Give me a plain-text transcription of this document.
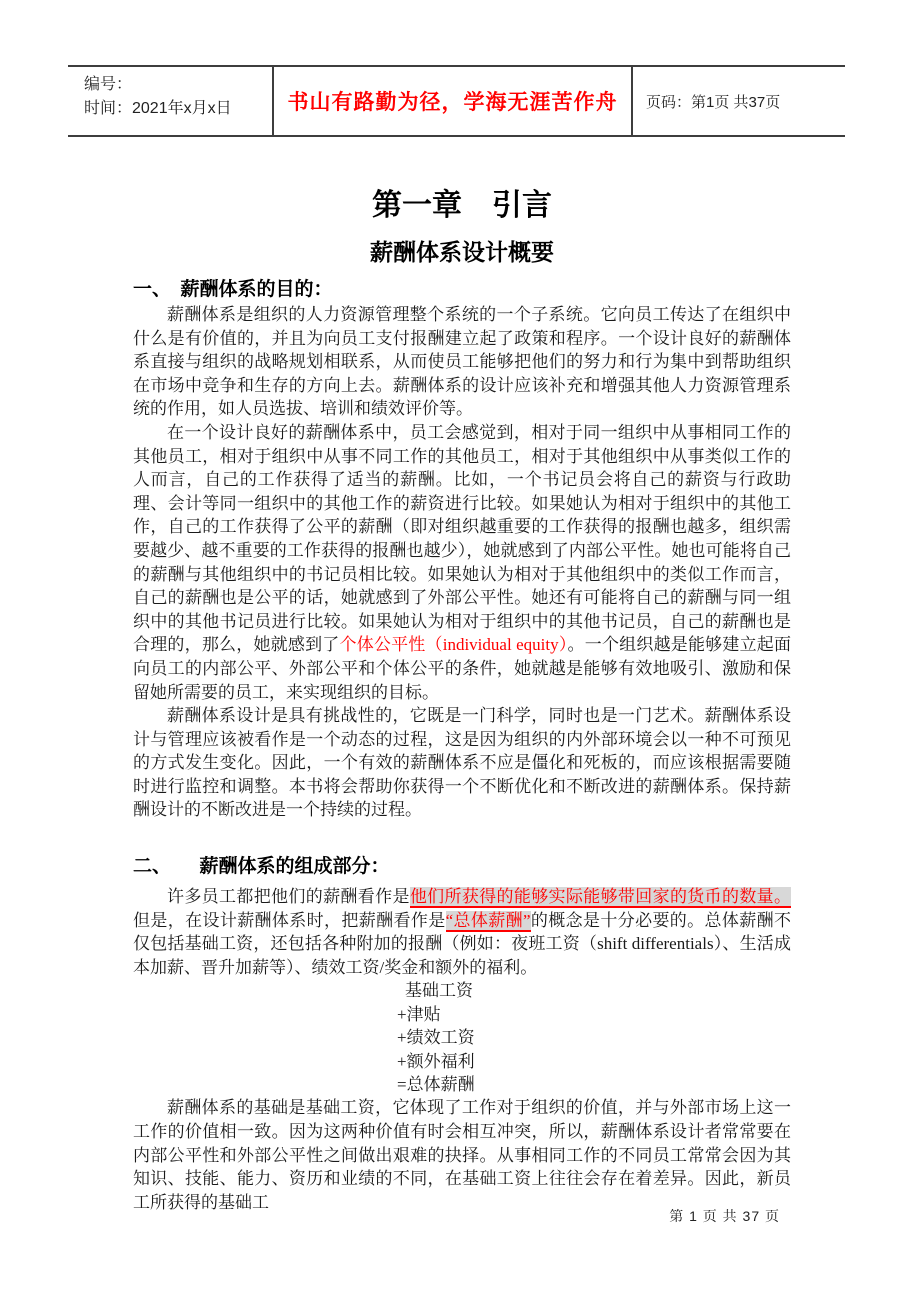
编号：
时间：2021年x月x日	书山有路勤为径，学海无涯苦作舟	页码：第1页 共37页
第一章　引言
薪酬体系设计概要
一、　薪酬体系的目的：

薪酬体系是组织的人力资源管理整个系统的一个子系统。它向员工传达了在组织中什么是有价值的，并且为向员工支付报酬建立起了政策和程序。一个设计良好的薪酬体系直接与组织的战略规划相联系，从而使员工能够把他们的努力和行为集中到帮助组织在市场中竞争和生存的方向上去。薪酬体系的设计应该补充和增强其他人力资源管理系统的作用，如人员选拔、培训和绩效评价等。

在一个设计良好的薪酬体系中，员工会感觉到，相对于同一组织中从事相同工作的其他员工，相对于组织中从事不同工作的其他员工，相对于其他组织中从事类似工作的人而言，自己的工作获得了适当的薪酬。比如，一个书记员会将自己的薪资与行政助理、会计等同一组织中的其他工作的薪资进行比较。如果她认为相对于组织中的其他工作，自己的工作获得了公平的薪酬（即对组织越重要的工作获得的报酬也越多，组织需要越少、越不重要的工作获得的报酬也越少），她就感到了内部公平性。她也可能将自己的薪酬与其他组织中的书记员相比较。如果她认为相对于其他组织中的类似工作而言，自己的薪酬也是公平的话，她就感到了外部公平性。她还有可能将自己的薪酬与同一组织中的其他书记员进行比较。如果她认为相对于组织中的其他书记员，自己的薪酬也是合理的，那么，她就感到了个体公平性（individual equity）。一个组织越是能够建立起面向员工的内部公平、外部公平和个体公平的条件，她就越是能够有效地吸引、激励和保留她所需要的员工，来实现组织的目标。

薪酬体系设计是具有挑战性的，它既是一门科学，同时也是一门艺术。薪酬体系设计与管理应该被看作是一个动态的过程，这是因为组织的内外部环境会以一种不可预见的方式发生变化。因此，一个有效的薪酬体系不应是僵化和死板的，而应该根据需要随时进行监控和调整。本书将会帮助你获得一个不断优化和不断改进的薪酬体系。保持薪酬设计的不断改进是一个持续的过程。

二、　　薪酬体系的组成部分：

许多员工都把他们的薪酬看作是他们所获得的能够实际能够带回家的货币的数量。但是，在设计薪酬体系时，把薪酬看作是“总体薪酬”的概念是十分必要的。总体薪酬不仅包括基础工资，还包括各种附加的报酬（例如：夜班工资（shift differentials）、生活成本加薪、晋升加薪等）、绩效工资/奖金和额外的福利。

基础工资
+津贴
+绩效工资
+额外福利
=总体薪酬

薪酬体系的基础是基础工资，它体现了工作对于组织的价值，并与外部市场上这一工作的价值相一致。因为这两种价值有时会相互冲突，所以，薪酬体系设计者常常要在内部公平性和外部公平性之间做出艰难的抉择。从事相同工作的不同员工常常会因为其知识、技能、能力、资历和业绩的不同，在基础工资上往往会存在着差异。因此，新员工所获得的基础工

第 1 页 共 37 页
